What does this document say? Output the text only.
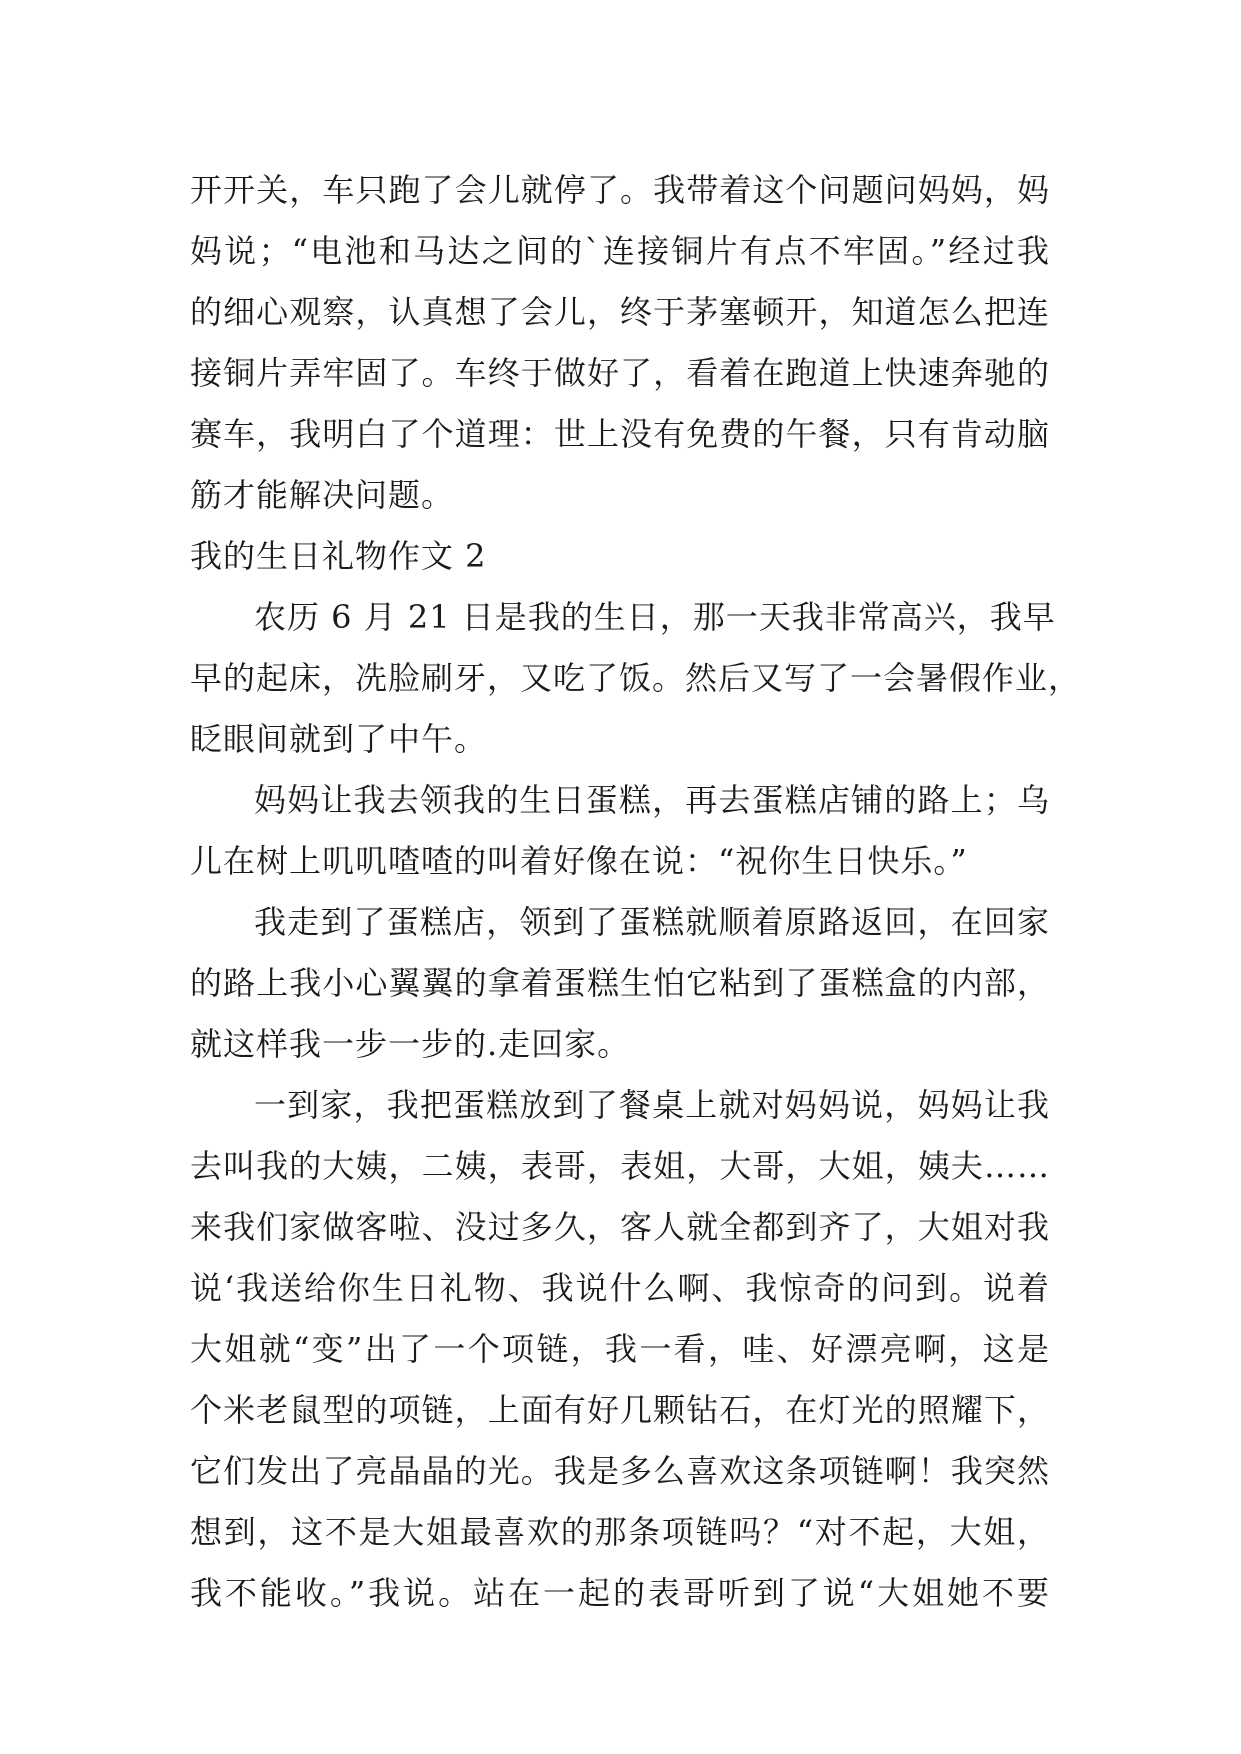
开开关，车只跑了会儿就停了。我带着这个问题问妈妈，妈
妈说；“电池和马达之间的`连接铜片有点不牢固。”经过我
的细心观察，认真想了会儿，终于茅塞顿开，知道怎么把连
接铜片弄牢固了。车终于做好了，看着在跑道上快速奔驰的
赛车，我明白了个道理：世上没有免费的午餐，只有肯动脑
筋才能解决问题。
我的生日礼物作文 2
农历 6 月 21 日是我的生日，那一天我非常高兴，我早
早的起床，冼脸刷牙，又吃了饭。然后又写了一会暑假作业，
眨眼间就到了中午。
妈妈让我去领我的生日蛋糕，再去蛋糕店铺的路上；乌
儿在树上叽叽喳喳的叫着好像在说：“祝你生日快乐。”
我走到了蛋糕店，领到了蛋糕就顺着原路返回，在回家
的路上我小心翼翼的拿着蛋糕生怕它粘到了蛋糕盒的内部，
就这样我一步一步的.走回家。
一到家，我把蛋糕放到了餐桌上就对妈妈说，妈妈让我
去叫我的大姨，二姨，表哥，表姐，大哥，大姐，姨夫……
来我们家做客啦、没过多久，客人就全都到齐了，大姐对我
说‘我送给你生日礼物、我说什么啊、我惊奇的问到。说着
大姐就“变”出了一个项链，我一看，哇、好漂亮啊，这是
个米老鼠型的项链，上面有好几颗钻石，在灯光的照耀下，
它们发出了亮晶晶的光。我是多么喜欢这条项链啊！我突然
想到，这不是大姐最喜欢的那条项链吗？“对不起，大姐，
我不能收。”我说。站在一起的表哥听到了说“大姐她不要
